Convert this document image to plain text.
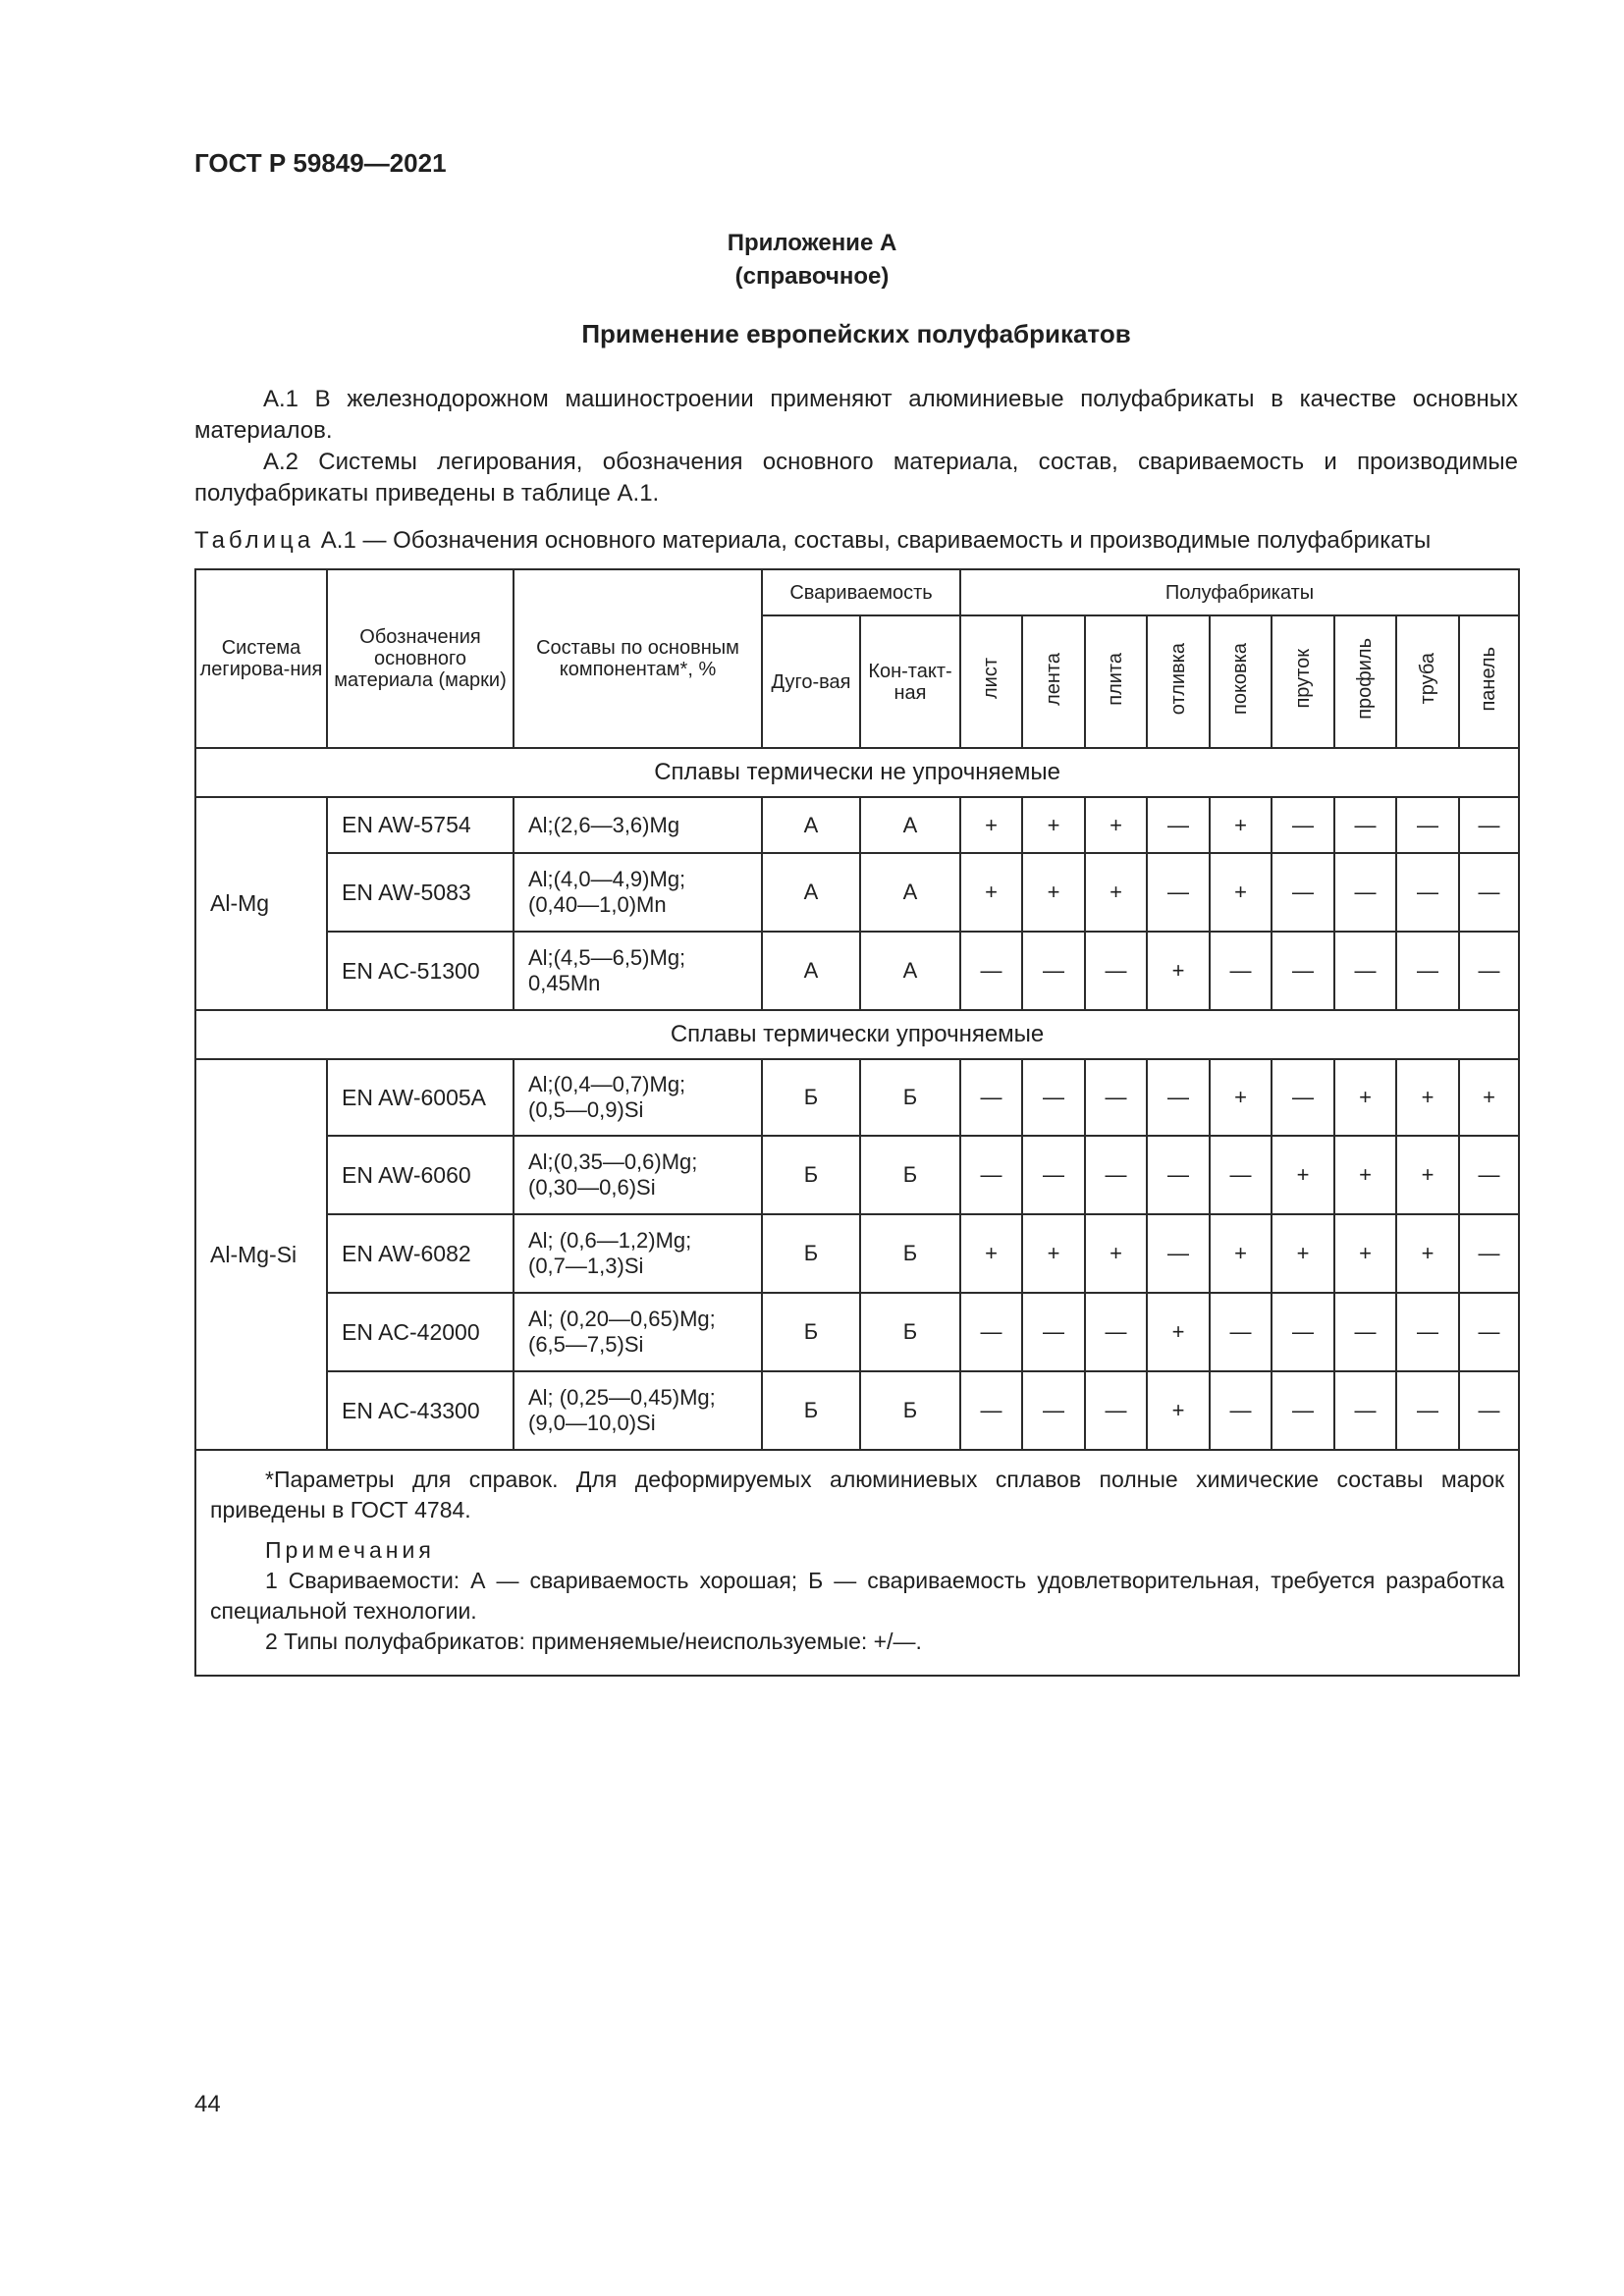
ГОСТ Р 59849—2021
Приложение А
(справочное)
Применение европейских полуфабрикатов
А.1 В железнодорожном машиностроении применяют алюминиевые полуфабрикаты в качестве основных материалов.
А.2 Системы легирования, обозначения основного материала, состав, свариваемость и производимые полуфабрикаты приведены в таблице А.1.
Таблица А.1 — Обозначения основного материала, составы, свариваемость и производимые полуфабрикаты
Система легирова-ния	Обозначения основного материала (марки)	Составы по основным компонентам*, %	Свариваемость		Полуфабрикаты								
			Дуго-вая	Кон-такт-ная	лист	лента	плита	отливка	поковка	пруток	профиль	труба	панель
Сплавы термически не упрочняемые													
Al-Mg	EN AW-5754	Al;(2,6—3,6)Mg	А	А	+	+	+	—	+	—	—	—	—
	EN AW-5083	Al;(4,0—4,9)Mg;
(0,40—1,0)Mn	А	А	+	+	+	—	+	—	—	—	—
	EN AC-51300	Al;(4,5—6,5)Mg;
0,45Mn	А	А	—	—	—	+	—	—	—	—	—
Сплавы термически упрочняемые													
Al-Mg-Si	EN AW-6005A	Al;(0,4—0,7)Mg;
(0,5—0,9)Si	Б	Б	—	—	—	—	+	—	+	+	+
	EN AW-6060	Al;(0,35—0,6)Mg;
(0,30—0,6)Si	Б	Б	—	—	—	—	—	+	+	+	—
	EN AW-6082	Al; (0,6—1,2)Mg;
(0,7—1,3)Si	Б	Б	+	+	+	—	+	+	+	+	—
	EN AC-42000	Al; (0,20—0,65)Mg;
(6,5—7,5)Si	Б	Б	—	—	—	+	—	—	—	—	—
	EN AC-43300	Al; (0,25—0,45)Mg;
(9,0—10,0)Si	Б	Б	—	—	—	+	—	—	—	—	—

*Параметры для справок. Для деформируемых алюминиевых сплавов полные химические составы марок приведены в ГОСТ 4784.

Примечания

1 Свариваемости: А — свариваемость хорошая; Б — свариваемость удовлетворительная, требуется разработка специальной технологии.

2 Типы полуфабрикатов: применяемые/неиспользуемые: +/—.													

44
